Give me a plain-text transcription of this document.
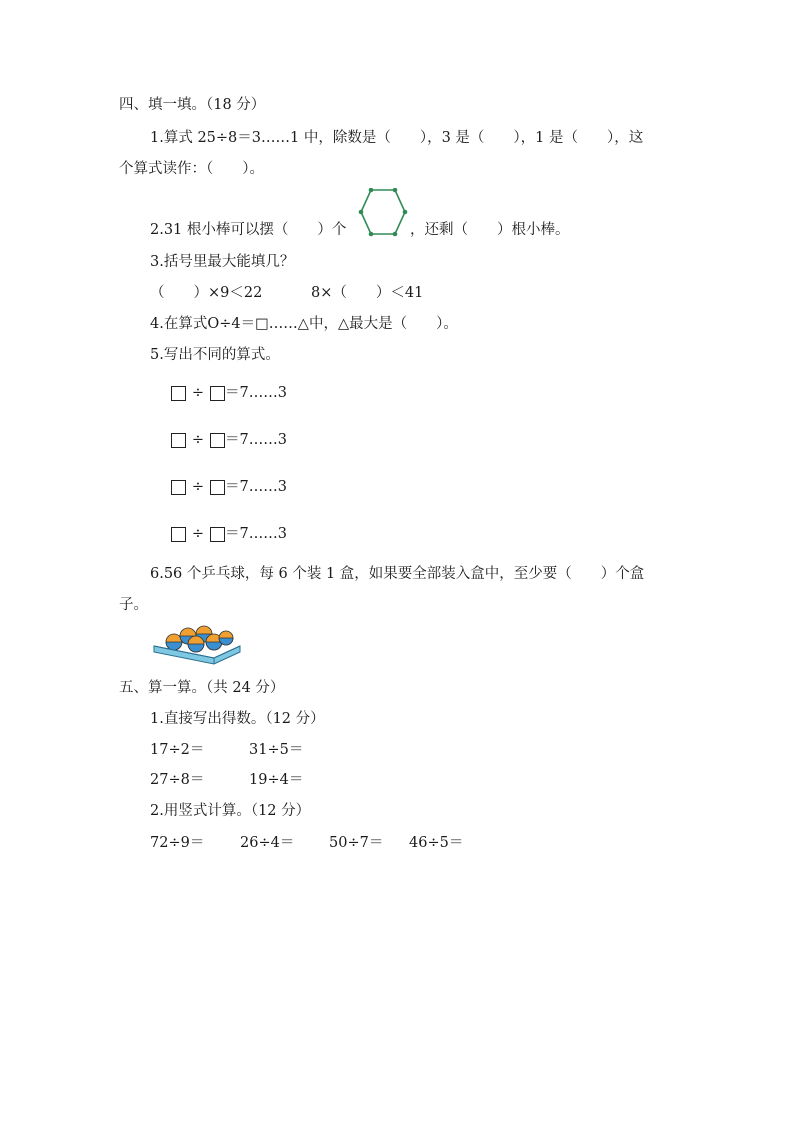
四、填一填。（18 分）
1.算式 25÷8＝3……1 中，除数是（　　），3 是（　　），1 是（　　），这
个算式读作：（　　）。
2.31 根小棒可以摆（　　）个	，还剩（　　）根小棒。
3.括号里最大能填几？
（　　）×9＜22	8×（　　）＜41
4.在算式O÷4＝□……△中，△最大是（　　）。
5.写出不同的算式。
÷	＝7……3
÷	＝7……3
÷	＝7……3
÷	＝7……3
6.56 个乒乓球，每 6 个装 1 盒，如果要全部装入盒中，至少要（　　）个盒
子。
五、算一算。（共 24 分）
1.直接写出得数。（12 分）
17÷2＝	31÷5＝
27÷8＝	19÷4＝
2.用竖式计算。（12 分）
72÷9＝ 26÷4＝ 50÷7＝ 46÷5＝
